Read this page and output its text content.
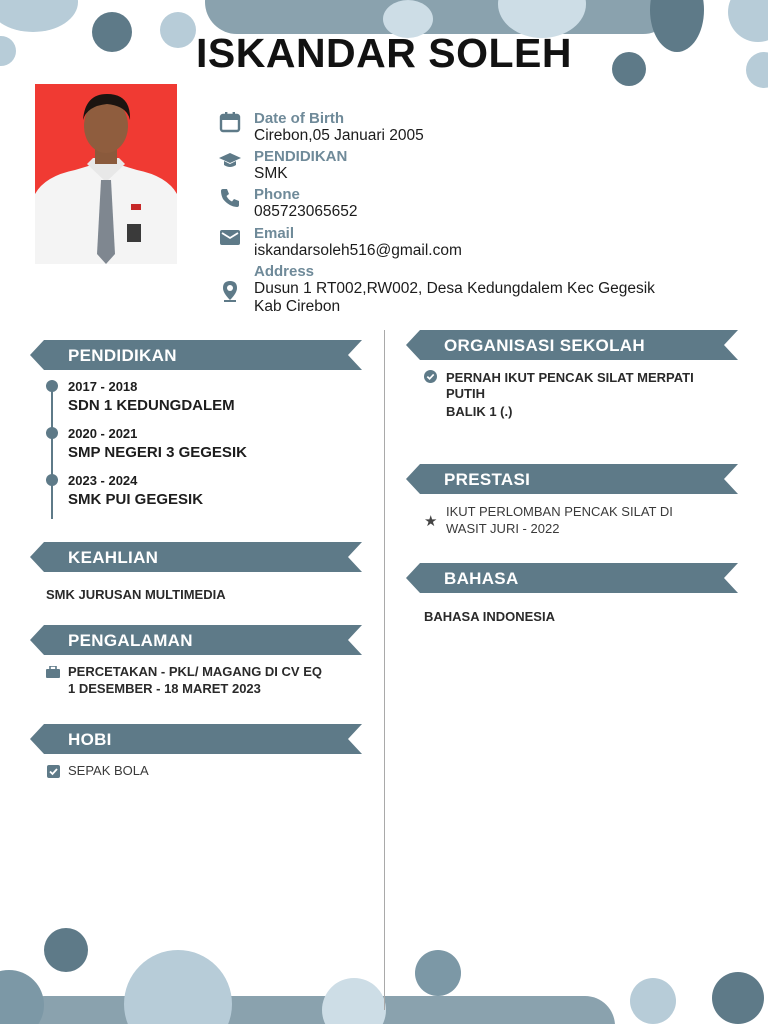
ISKANDAR SOLEH
Date of Birth
Cirebon,05 Januari 2005
PENDIDIKAN
SMK
Phone
085723065652
Email
iskandarsoleh516@gmail.com
Address
Dusun 1 RT002,RW002, Desa Kedungdalem Kec Gegesik
Kab Cirebon
PENDIDIKAN
2017 - 2018
SDN 1 KEDUNGDALEM
2020 - 2021
SMP NEGERI 3 GEGESIK
2023 - 2024
SMK PUI GEGESIK
KEAHLIAN
SMK JURUSAN MULTIMEDIA
PENGALAMAN
PERCETAKAN - PKL/ MAGANG DI CV EQ
1 DESEMBER - 18 MARET 2023
HOBI
SEPAK BOLA
ORGANISASI SEKOLAH
PERNAH IKUT PENCAK SILAT MERPATI
PUTIH
BALIK 1 (.)
PRESTASI
★
IKUT PERLOMBAN PENCAK SILAT DI
WASIT JURI - 2022
BAHASA
BAHASA INDONESIA
